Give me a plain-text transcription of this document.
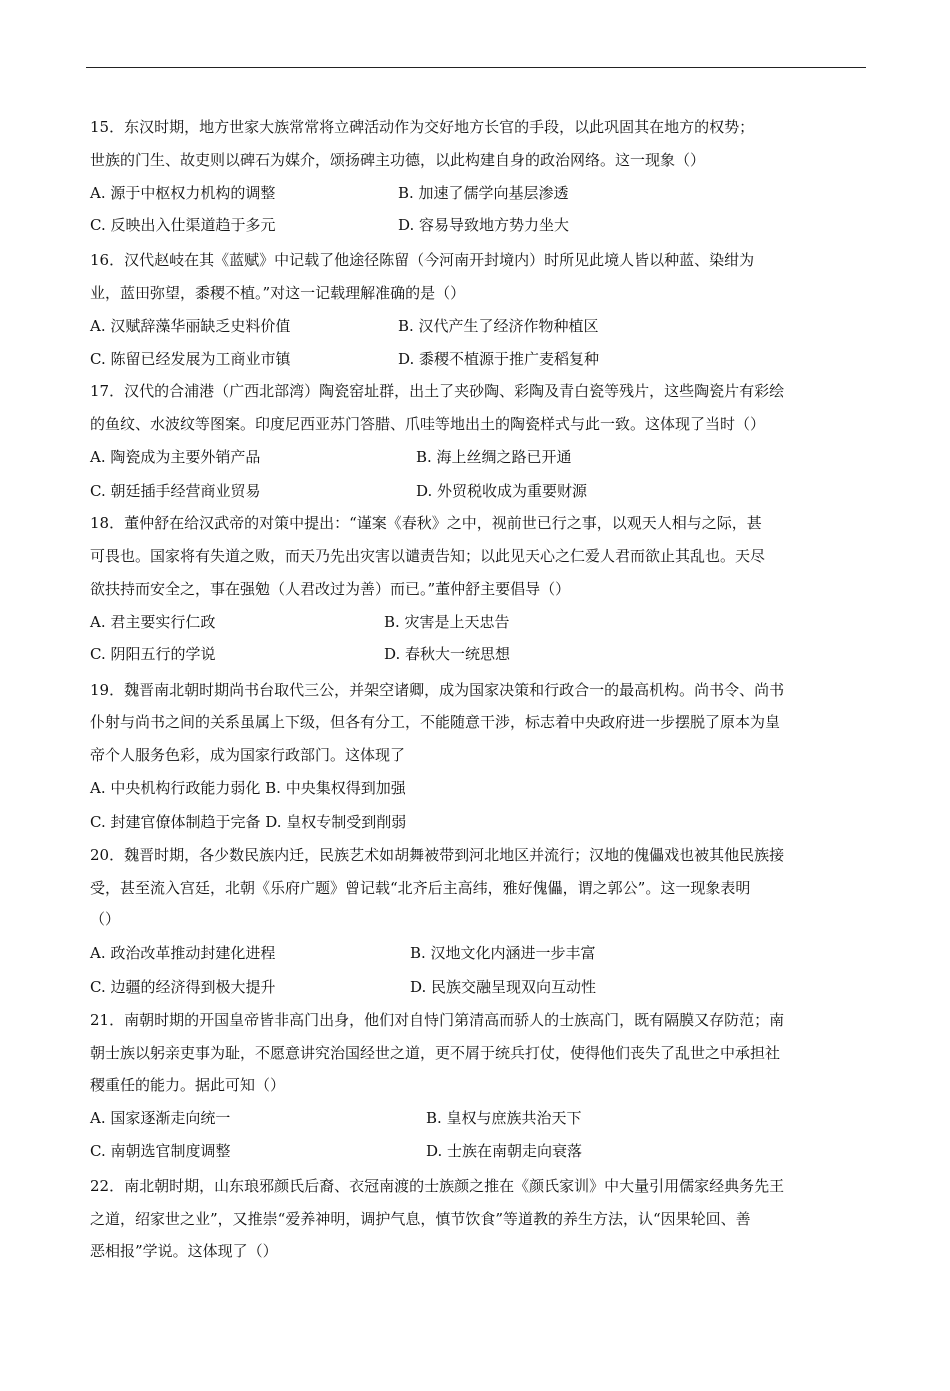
15．东汉时期，地方世家大族常常将立碑活动作为交好地方长官的手段，以此巩固其在地方的权势；
世族的门生、故吏则以碑石为媒介，颂扬碑主功德，以此构建自身的政治网络。这一现象（）
A. 源于中枢权力机构的调整	B. 加速了儒学向基层渗透
C. 反映出入仕渠道趋于多元	D. 容易导致地方势力坐大
16．汉代赵岐在其《蓝赋》中记载了他途径陈留（今河南开封境内）时所见此境人皆以种蓝、染绀为
业，蓝田弥望，黍稷不植。”对这一记载理解准确的是（）
A. 汉赋辞藻华丽缺乏史料价值	B. 汉代产生了经济作物种植区
C. 陈留已经发展为工商业市镇	D. 黍稷不植源于推广麦稻复种
17．汉代的合浦港（广西北部湾）陶瓷窑址群，出土了夹砂陶、彩陶及青白瓷等残片，这些陶瓷片有彩绘
的鱼纹、水波纹等图案。印度尼西亚苏门答腊、爪哇等地出土的陶瓷样式与此一致。这体现了当时（）
A. 陶瓷成为主要外销产品	B. 海上丝绸之路已开通
C. 朝廷插手经营商业贸易	D. 外贸税收成为重要财源
18．董仲舒在给汉武帝的对策中提出：“谨案《春秋》之中，视前世已行之事，以观天人相与之际，甚
可畏也。国家将有失道之败，而天乃先出灾害以谴责告知；以此见天心之仁爱人君而欲止其乱也。天尽
欲扶持而安全之，事在强勉（人君改过为善）而已。”董仲舒主要倡导（）
A. 君主要实行仁政	B. 灾害是上天忠告
C. 阴阳五行的学说	D. 春秋大一统思想
19．魏晋南北朝时期尚书台取代三公，并架空诸卿，成为国家决策和行政合一的最高机构。尚书令、尚书
仆射与尚书之间的关系虽属上下级，但各有分工，不能随意干涉，标志着中央政府进一步摆脱了原本为皇
帝个人服务色彩，成为国家行政部门。这体现了
A. 中央机构行政能力弱化 B. 中央集权得到加强
C. 封建官僚体制趋于完备 D. 皇权专制受到削弱
20．魏晋时期，各少数民族内迁，民族艺术如胡舞被带到河北地区并流行；汉地的傀儡戏也被其他民族接
受，甚至流入宫廷，北朝《乐府广题》曾记载“北齐后主高纬，雅好傀儡，谓之郭公”。这一现象表明
（）
A. 政治改革推动封建化进程	B. 汉地文化内涵进一步丰富
C. 边疆的经济得到极大提升	D. 民族交融呈现双向互动性
21．南朝时期的开国皇帝皆非高门出身，他们对自恃门第清高而骄人的士族高门，既有隔膜又存防范；南
朝士族以躬亲吏事为耻，不愿意讲究治国经世之道，更不屑于统兵打仗，使得他们丧失了乱世之中承担社
稷重任的能力。据此可知（）
A. 国家逐渐走向统一	B. 皇权与庶族共治天下
C. 南朝选官制度调整	D. 士族在南朝走向衰落
22．南北朝时期，山东琅邪颜氏后裔、衣冠南渡的士族颜之推在《颜氏家训》中大量引用儒家经典务先王
之道，绍家世之业”，又推崇“爱养神明，调护气息，慎节饮食”等道教的养生方法，认“因果轮回、善
恶相报”学说。这体现了（）
